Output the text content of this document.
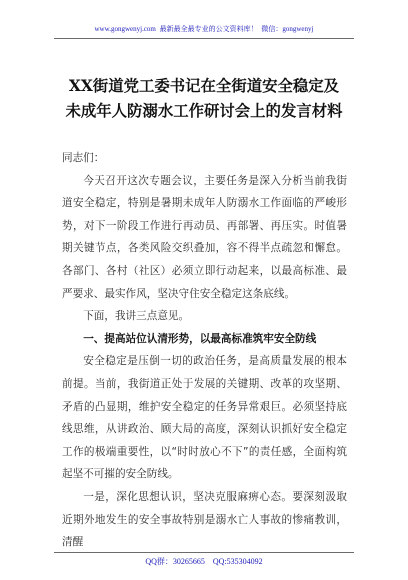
www.gongwenyj.com 最新最全最专业的公文资料库！ 微信：gongwenyj
XX街道党工委书记在全街道安全稳定及
未成年人防溺水工作研讨会上的发言材料

同志们：

今天召开这次专题会议，主要任务是深入分析当前我街道安全稳定，特别是暑期未成年人防溺水工作面临的严峻形势，对下一阶段工作进行再动员、再部署、再压实。时值暑期关键节点，各类风险交织叠加，容不得半点疏忽和懈怠。各部门、各村（社区）必须立即行动起来，以最高标准、最严要求、最实作风，坚决守住安全稳定这条底线。

下面，我讲三点意见。

一、提高站位认清形势，以最高标准筑牢安全防线

安全稳定是压倒一切的政治任务，是高质量发展的根本前提。当前，我街道正处于发展的关键期、改革的攻坚期、矛盾的凸显期，维护安全稳定的任务异常艰巨。必须坚持底线思维，从讲政治、顾大局的高度，深刻认识抓好安全稳定工作的极端重要性，以“时时放心不下”的责任感，全面构筑起坚不可摧的安全防线。

一是，深化思想认识，坚决克服麻痹心态。要深刻汲取近期外地发生的安全事故特别是溺水亡人事故的惨痛教训，清醒

QQ群：30265665 QQ:535304092
